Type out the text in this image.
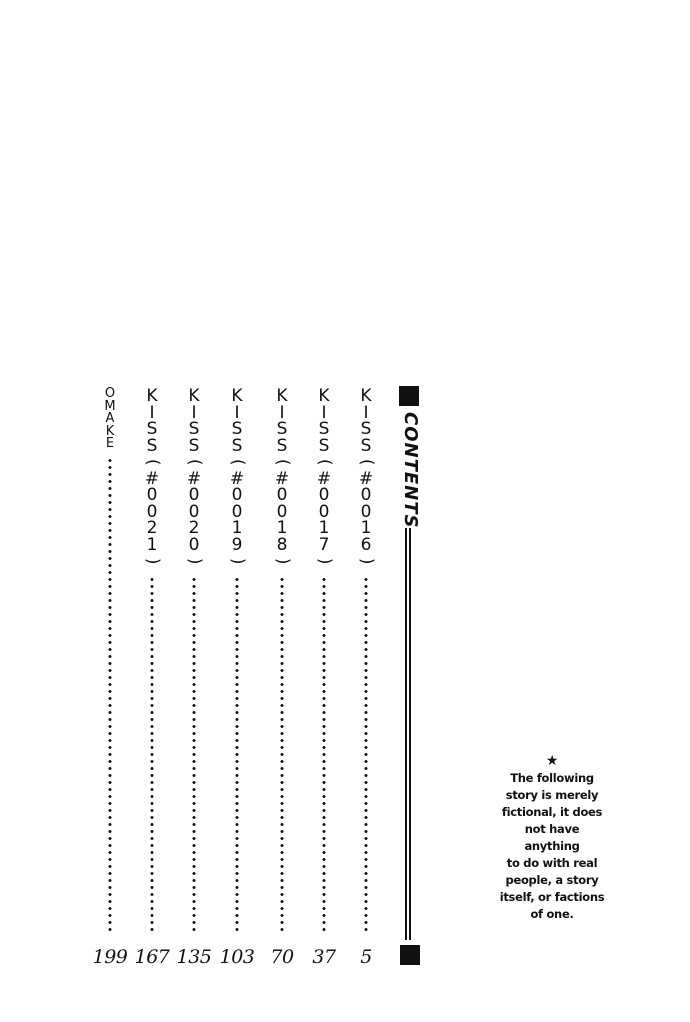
CONTENTS
K
I
S
S
(
#
0
0
1
6
)
5
K
I
S
S
(
#
0
0
1
7
)
37
K
I
S
S
(
#
0
0
1
8
)
70
K
I
S
S
(
#
0
0
1
9
)
103
K
I
S
S
(
#
0
0
2
0
)
135
K
I
S
S
(
#
0
0
2
1
)
167
O
M
A
K
E
199
★
The following
story is merely
fictional, it does
not have anything
to do with real
people, a story
itself, or factions
of one.
